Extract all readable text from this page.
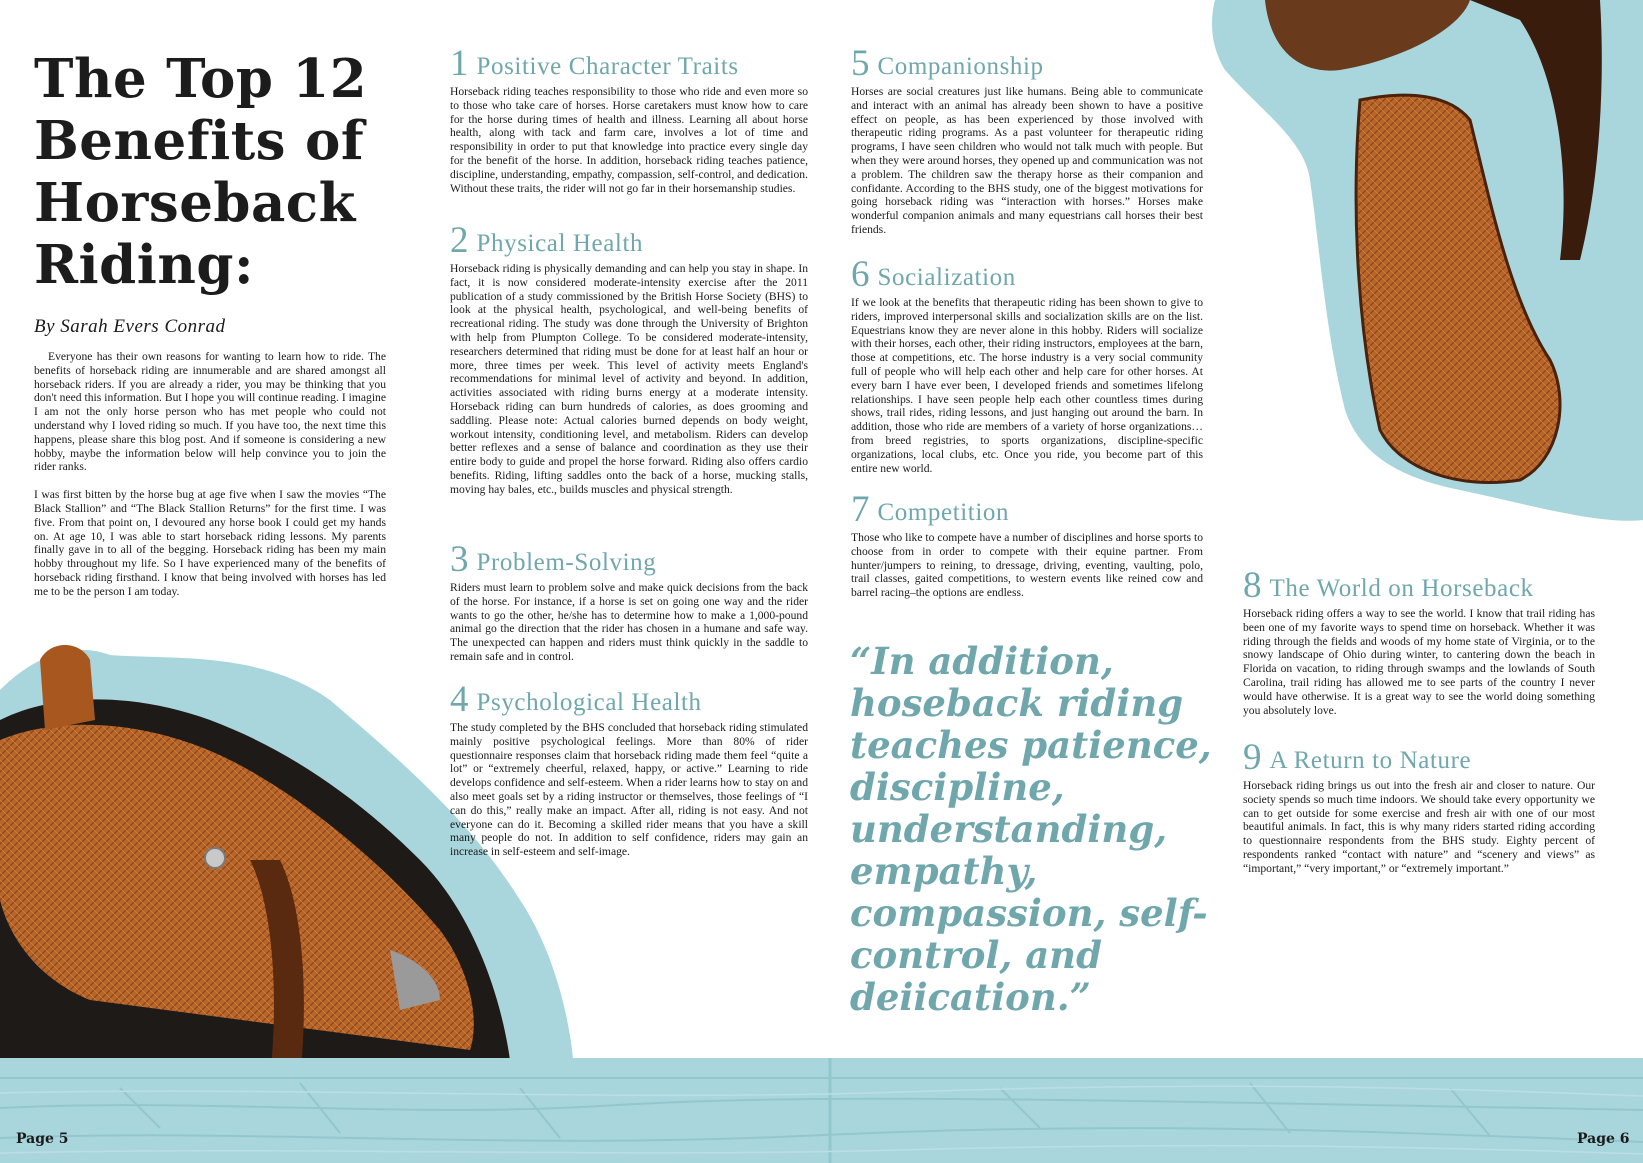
The Top 12 Benefits of Horseback Riding:
By Sarah Evers Conrad

Everyone has their own reasons for wanting to learn how to ride. The benefits of horseback riding are innumerable and are shared amongst all horseback riders. If you are already a rider, you may be thinking that you don't need this information. But I hope you will continue reading. I imagine I am not the only horse person who has met people who could not understand why I loved riding so much. If you have too, the next time this happens, please share this blog post. And if someone is considering a new hobby, maybe the information below will help convince you to join the rider ranks.

I was first bitten by the horse bug at age five when I saw the movies “The Black Stallion” and “The Black Stallion Returns” for the first time. I was five. From that point on, I devoured any horse book I could get my hands on. At age 10, I was able to start horseback riding lessons. My parents finally gave in to all of the begging. Horseback riding has been my main hobby throughout my life. So I have experienced many of the benefits of horseback riding firsthand. I know that being involved with horses has led me to be the person I am today.

1 Positive Character Traits

Horseback riding teaches responsibility to those who ride and even more so to those who take care of horses. Horse caretakers must know how to care for the horse during times of health and illness. Learning all about horse health, along with tack and farm care, involves a lot of time and responsibility in order to put that knowledge into practice every single day for the benefit of the horse. In addition, horseback riding teaches patience, discipline, understanding, empathy, compassion, self-control, and dedication. Without these traits, the rider will not go far in their horsemanship studies.

2 Physical Health

Horseback riding is physically demanding and can help you stay in shape. In fact, it is now considered moderate-intensity exercise after the 2011 publication of a study commissioned by the British Horse Society (BHS) to look at the physical health, psychological, and well-being benefits of recreational riding. The study was done through the University of Brighton with help from Plumpton College. To be considered moderate-intensity, researchers determined that riding must be done for at least half an hour or more, three times per week. This level of activity meets England's recommendations for minimal level of activity and beyond. In addition, activities associated with riding burns energy at a moderate intensity. Horseback riding can burn hundreds of calories, as does grooming and saddling. Please note: Actual calories burned depends on body weight, workout intensity, conditioning level, and metabolism. Riders can develop better reflexes and a sense of balance and coordination as they use their entire body to guide and propel the horse forward. Riding also offers cardio benefits. Riding, lifting saddles onto the back of a horse, mucking stalls, moving hay bales, etc., builds muscles and physical strength.

3 Problem-Solving

Riders must learn to problem solve and make quick decisions from the back of the horse. For instance, if a horse is set on going one way and the rider wants to go the other, he/she has to determine how to make a 1,000-pound animal go the direction that the rider has chosen in a humane and safe way. The unexpected can happen and riders must think quickly in the saddle to remain safe and in control.

4 Psychological Health

The study completed by the BHS concluded that horseback riding stimulated mainly positive psychological feelings. More than 80% of rider questionnaire responses claim that horseback riding made them feel “quite a lot” or “extremely cheerful, relaxed, happy, or active.” Learning to ride develops confidence and self-esteem. When a rider learns how to stay on and also meet goals set by a riding instructor or themselves, those feelings of “I can do this,” really make an impact. After all, riding is not easy. And not everyone can do it. Becoming a skilled rider means that you have a skill many people do not. In addition to self confidence, riders may gain an increase in self-esteem and self-image.

5 Companionship

Horses are social creatures just like humans. Being able to communicate and interact with an animal has already been shown to have a positive effect on people, as has been experienced by those involved with therapeutic riding programs. As a past volunteer for therapeutic riding programs, I have seen children who would not talk much with people. But when they were around horses, they opened up and communication was not a problem. The children saw the therapy horse as their companion and confidante. According to the BHS study, one of the biggest motivations for going horseback riding was “interaction with horses.” Horses make wonderful companion animals and many equestrians call horses their best friends.

6 Socialization

If we look at the benefits that therapeutic riding has been shown to give to riders, improved interpersonal skills and socialization skills are on the list. Equestrians know they are never alone in this hobby. Riders will socialize with their horses, each other, their riding instructors, employees at the barn, those at competitions, etc. The horse industry is a very social community full of people who will help each other and help care for other horses. At every barn I have ever been, I developed friends and sometimes lifelong relationships. I have seen people help each other countless times during shows, trail rides, riding lessons, and just hanging out around the barn. In addition, those who ride are members of a variety of horse organizations…from breed registries, to sports organizations, discipline-specific organizations, local clubs, etc. Once you ride, you become part of this entire new world.

7 Competition

Those who like to compete have a number of disciplines and horse sports to choose from in order to compete with their equine partner. From hunter/jumpers to reining, to dressage, driving, eventing, vaulting, polo, trail classes, gaited competitions, to western events like reined cow and barrel racing–the options are endless.

“In addition, hoseback riding teaches patience, discipline, understanding, empathy, compassion, self-control, and deiication.”

8 The World on Horseback

Horseback riding offers a way to see the world. I know that trail riding has been one of my favorite ways to spend time on horseback. Whether it was riding through the fields and woods of my home state of Virginia, or to the snowy landscape of Ohio during winter, to cantering down the beach in Florida on vacation, to riding through swamps and the lowlands of South Carolina, trail riding has allowed me to see parts of the country I never would have otherwise. It is a great way to see the world doing something you absolutely love.

9 A Return to Nature

Horseback riding brings us out into the fresh air and closer to nature. Our society spends so much time indoors. We should take every opportunity we can to get outside for some exercise and fresh air with one of our most beautiful animals. In fact, this is why many riders started riding according to questionnaire respondents from the BHS study. Eighty percent of respondents ranked “contact with nature” and “scenery and views” as “important,” “very important,” or “extremely important.”

Page 5	Page 6
